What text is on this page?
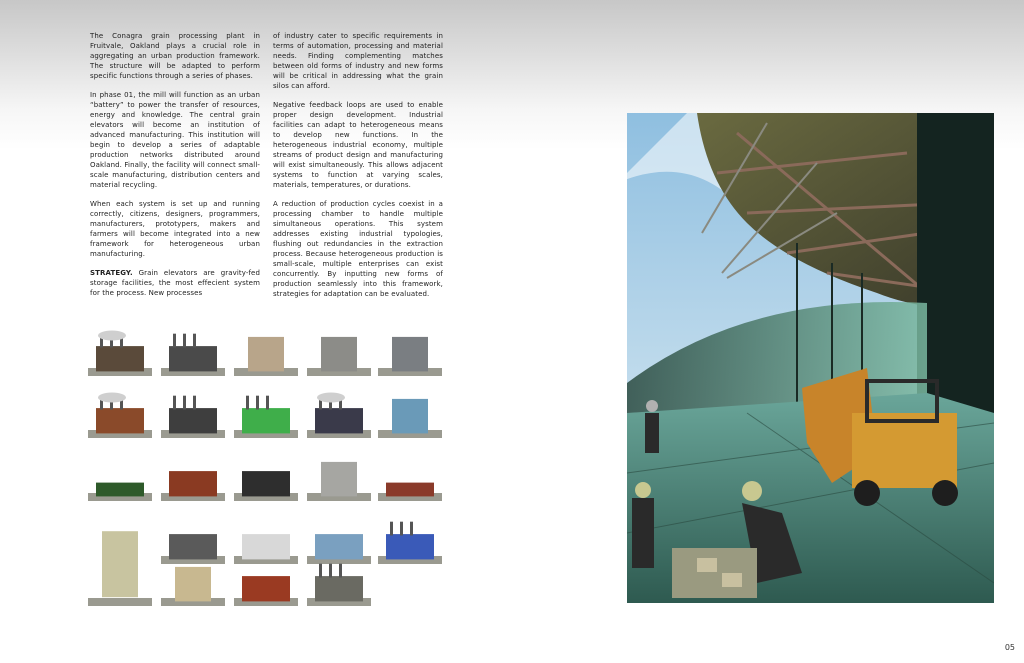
The Conagra grain processing plant in Fruitvale, Oakland plays a crucial role in aggregating an urban production framework. The structure will be adapted to perform specific functions through a series of phases.

In phase 01, the mill will function as an urban “battery” to power the transfer of resources, energy and knowledge. The central grain elevators will become an institution of advanced manufacturing. This institution will begin to develop a series of adaptable production networks distributed around Oakland. Finally, the facility will connect small-scale manufacturing, distribution centers and material recycling.

When each system is set up and running correctly, citizens, designers, programmers, manufacturers, prototypers, makers and farmers will become integrated into a new framework for heterogeneous urban manufacturing.

STRATEGY. Grain elevators are gravity-fed storage facilities, the most effecient system for the process. New processes

of industry cater to specific requirements in terms of automation, processing and material needs. Finding complementing matches between old forms of industry and new forms will be critical in addressing what the grain silos can afford.

Negative feedback loops are used to enable proper design development. Industrial facilities can adapt to heterogeneous means to develop new functions. In the heterogeneous industrial economy, multiple streams of product design and manufacturing will exist simultaneously. This allows adjacent systems to function at varying scales, materials, temperatures, or durations.

A reduction of production cycles coexist in a processing chamber to handle multiple simultaneous operations. This system addresses existing industrial typologies, flushing out redundancies in the extraction process. Because heterogeneous production is small-scale, multiple enterprises can exist concurrently. By inputting new forms of production seamlessly into this framework, strategies for adaptation can be evaluated.

05
